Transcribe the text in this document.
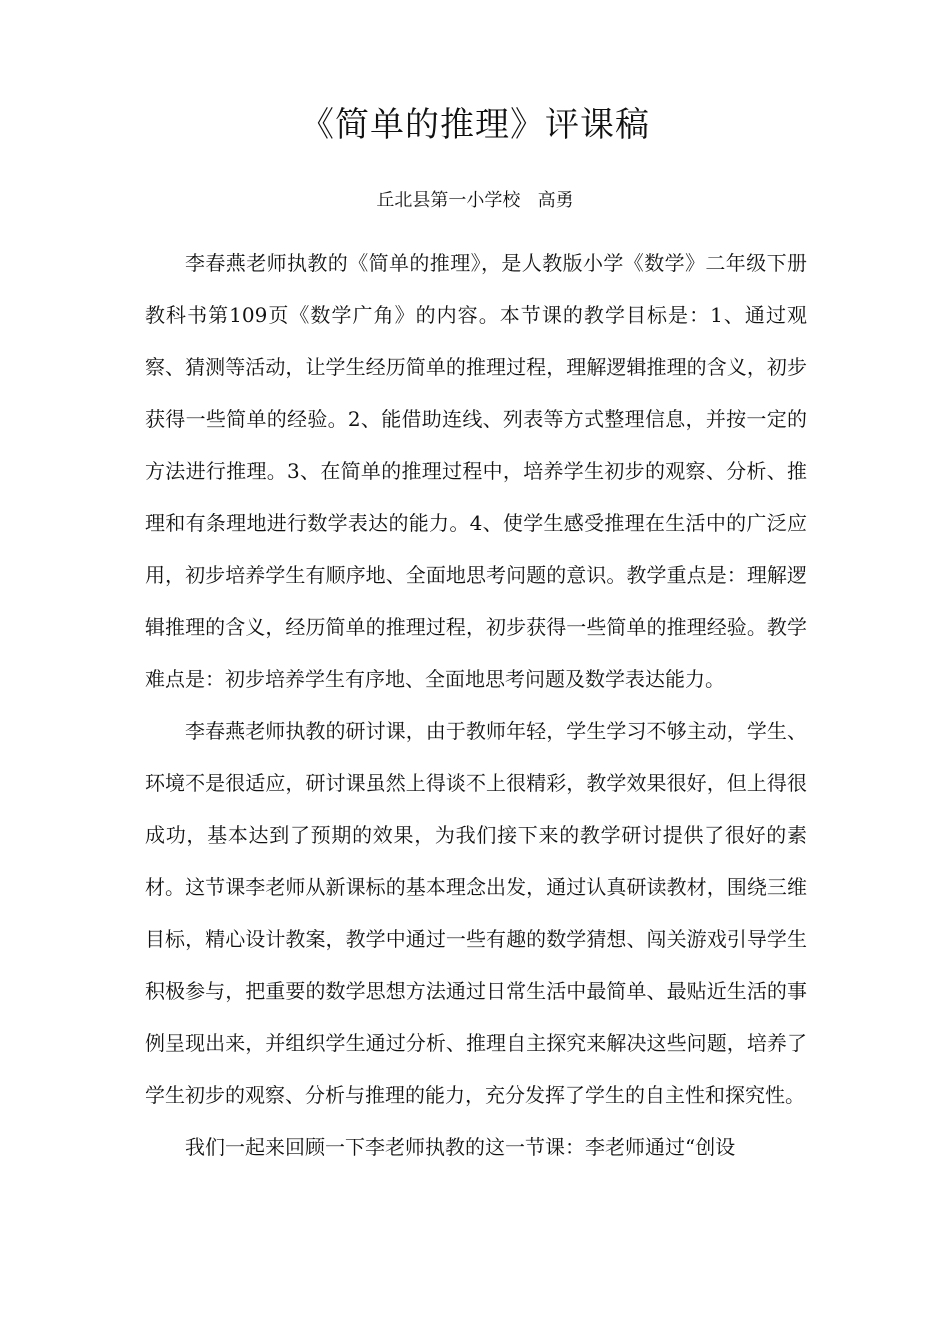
《简单的推理》评课稿
丘北县第一小学校   高勇

李春燕老师执教的《简单的推理》，是人教版小学《数学》二年级下册教科书第109页《数学广角》的内容。本节课的教学目标是：1、通过观察、猜测等活动，让学生经历简单的推理过程，理解逻辑推理的含义，初步获得一些简单的经验。2、能借助连线、列表等方式整理信息，并按一定的方法进行推理。3、在简单的推理过程中，培养学生初步的观察、分析、推理和有条理地进行数学表达的能力。4、使学生感受推理在生活中的广泛应用，初步培养学生有顺序地、全面地思考问题的意识。教学重点是：理解逻辑推理的含义，经历简单的推理过程，初步获得一些简单的推理经验。教学难点是：初步培养学生有序地、全面地思考问题及数学表达能力。

李春燕老师执教的研讨课，由于教师年轻，学生学习不够主动，学生、环境不是很适应，研讨课虽然上得谈不上很精彩，教学效果很好，但上得很成功，基本达到了预期的效果，为我们接下来的教学研讨提供了很好的素材。这节课李老师从新课标的基本理念出发，通过认真研读教材，围绕三维目标，精心设计教案，教学中通过一些有趣的数学猜想、闯关游戏引导学生积极参与，把重要的数学思想方法通过日常生活中最简单、最贴近生活的事例呈现出来，并组织学生通过分析、推理自主探究来解决这些问题，培养了学生初步的观察、分析与推理的能力，充分发挥了学生的自主性和探究性。

我们一起来回顾一下李老师执教的这一节课：李老师通过“创设
